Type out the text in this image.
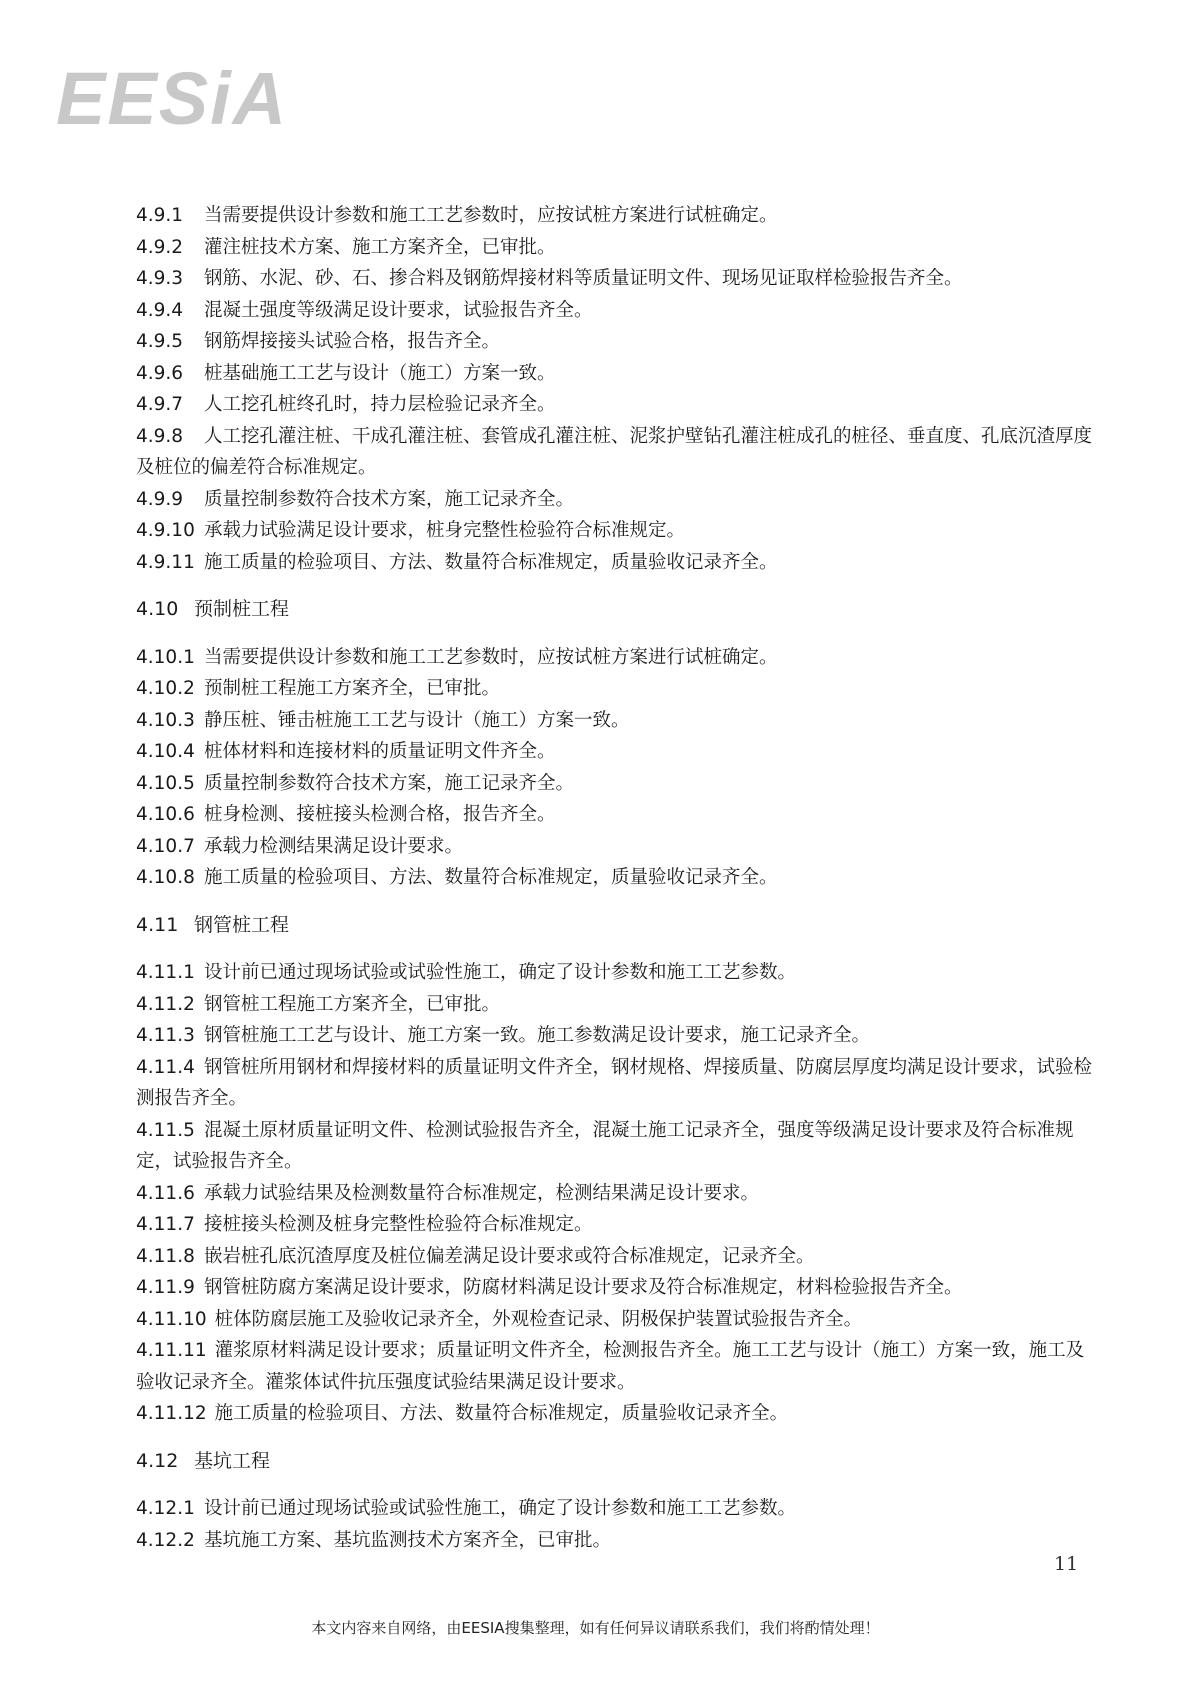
EESiA
4.9.1 当需要提供设计参数和施工工艺参数时，应按试桩方案进行试桩确定。
4.9.2 灌注桩技术方案、施工方案齐全，已审批。
4.9.3 钢筋、水泥、砂、石、掺合料及钢筋焊接材料等质量证明文件、现场见证取样检验报告齐全。
4.9.4 混凝土强度等级满足设计要求，试验报告齐全。
4.9.5 钢筋焊接接头试验合格，报告齐全。
4.9.6 桩基础施工工艺与设计（施工）方案一致。
4.9.7 人工挖孔桩终孔时，持力层检验记录齐全。
4.9.8 人工挖孔灌注桩、干成孔灌注桩、套管成孔灌注桩、泥浆护壁钻孔灌注桩成孔的桩径、垂直度、孔底沉渣厚度及桩位的偏差符合标准规定。
4.9.9 质量控制参数符合技术方案，施工记录齐全。
4.9.10 承载力试验满足设计要求，桩身完整性检验符合标准规定。
4.9.11 施工质量的检验项目、方法、数量符合标准规定，质量验收记录齐全。
4.10 预制桩工程
4.10.1 当需要提供设计参数和施工工艺参数时，应按试桩方案进行试桩确定。
4.10.2 预制桩工程施工方案齐全，已审批。
4.10.3 静压桩、锤击桩施工工艺与设计（施工）方案一致。
4.10.4 桩体材料和连接材料的质量证明文件齐全。
4.10.5 质量控制参数符合技术方案，施工记录齐全。
4.10.6 桩身检测、接桩接头检测合格，报告齐全。
4.10.7 承载力检测结果满足设计要求。
4.10.8 施工质量的检验项目、方法、数量符合标准规定，质量验收记录齐全。
4.11 钢管桩工程
4.11.1 设计前已通过现场试验或试验性施工，确定了设计参数和施工工艺参数。
4.11.2 钢管桩工程施工方案齐全，已审批。
4.11.3 钢管桩施工工艺与设计、施工方案一致。施工参数满足设计要求，施工记录齐全。
4.11.4 钢管桩所用钢材和焊接材料的质量证明文件齐全，钢材规格、焊接质量、防腐层厚度均满足设计要求，试验检测报告齐全。
4.11.5 混凝土原材质量证明文件、检测试验报告齐全，混凝土施工记录齐全，强度等级满足设计要求及符合标准规定，试验报告齐全。
4.11.6 承载力试验结果及检测数量符合标准规定，检测结果满足设计要求。
4.11.7 接桩接头检测及桩身完整性检验符合标准规定。
4.11.8 嵌岩桩孔底沉渣厚度及桩位偏差满足设计要求或符合标准规定，记录齐全。
4.11.9 钢管桩防腐方案满足设计要求，防腐材料满足设计要求及符合标准规定，材料检验报告齐全。
4.11.10 桩体防腐层施工及验收记录齐全，外观检查记录、阴极保护装置试验报告齐全。
4.11.11 灌浆原材料满足设计要求；质量证明文件齐全，检测报告齐全。施工工艺与设计（施工）方案一致，施工及验收记录齐全。灌浆体试件抗压强度试验结果满足设计要求。
4.11.12 施工质量的检验项目、方法、数量符合标准规定，质量验收记录齐全。
4.12 基坑工程
4.12.1 设计前已通过现场试验或试验性施工，确定了设计参数和施工工艺参数。
4.12.2 基坑施工方案、基坑监测技术方案齐全，已审批。
11
本文内容来自网络，由EESIA搜集整理，如有任何异议请联系我们，我们将酌情处理！
